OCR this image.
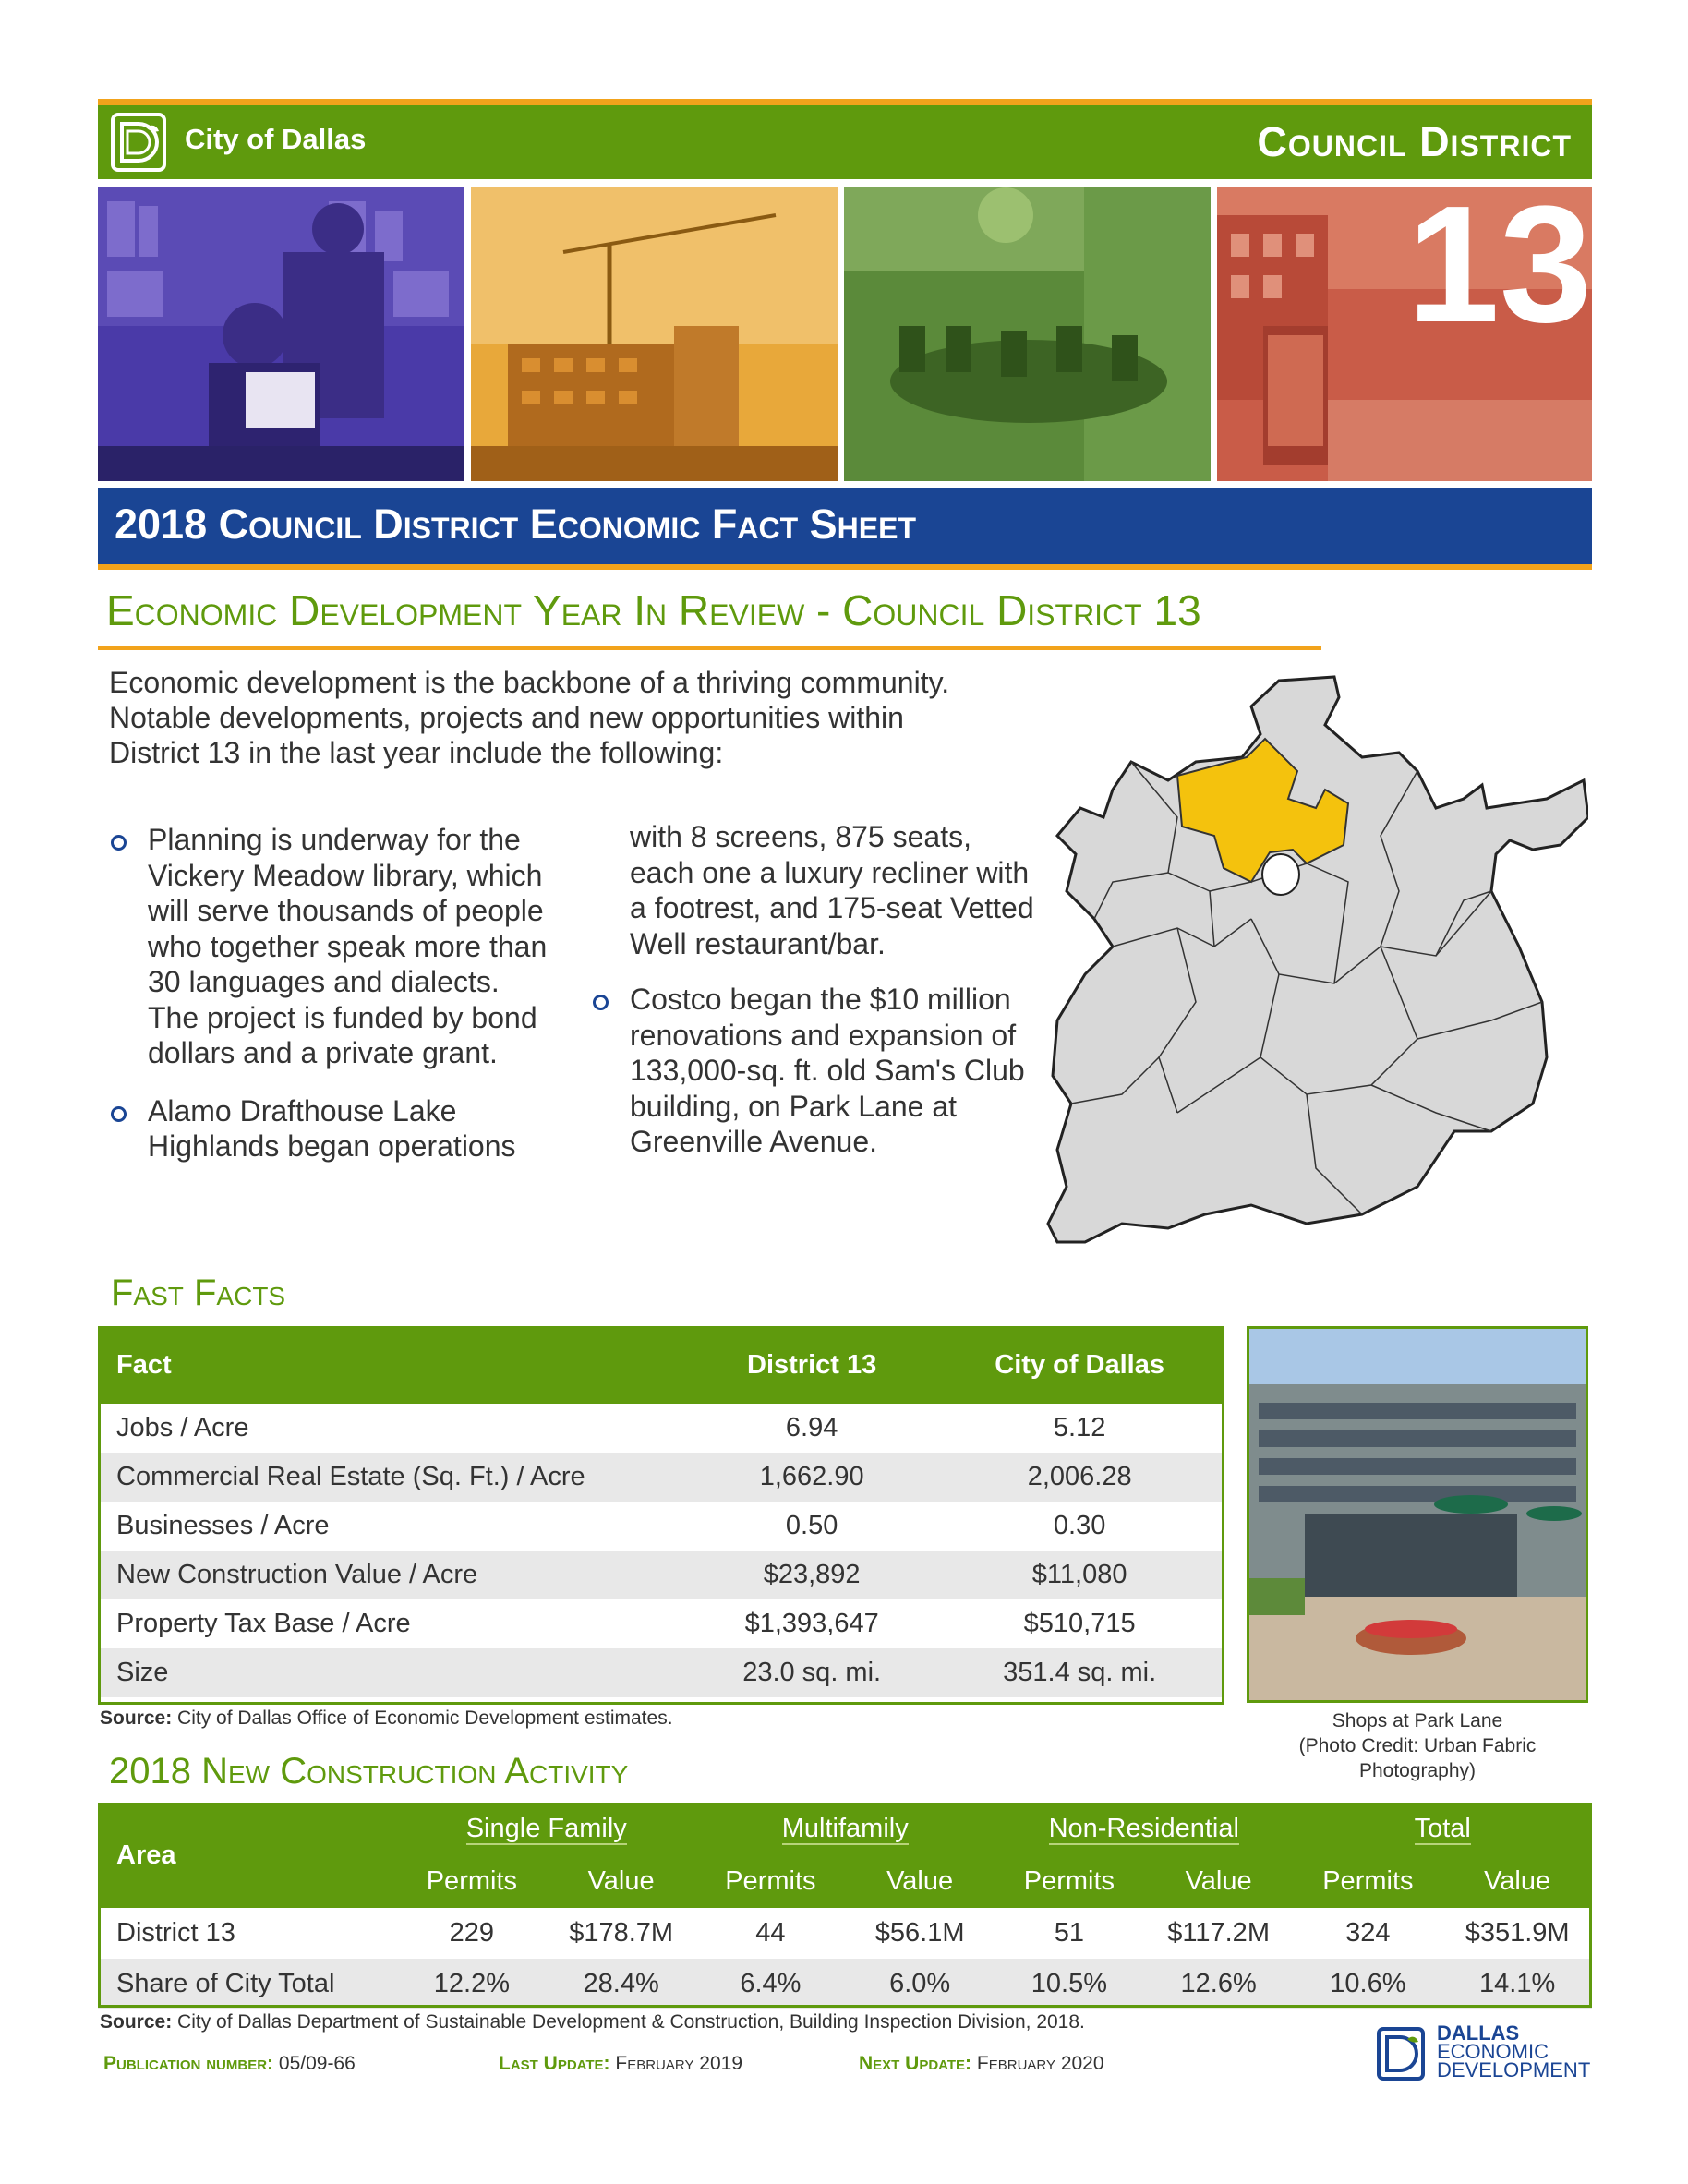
City of Dallas	Council District
13
2018 Council District Economic Fact Sheet
Economic Development Year In Review - Council District 13
Economic development is the backbone of a thriving community. Notable developments, projects and new opportunities within District 13 in the last year include the following:
Planning is underway for the Vickery Meadow library, which will serve thousands of people who together speak more than 30 languages and dialects. The project is funded by bond dollars and a private grant.
Alamo Drafthouse Lake Highlands began operations
with 8 screens, 875 seats, each one a luxury recliner with a footrest, and 175-seat Vetted Well restaurant/bar.
Costco began the $10 million renovations and expansion of 133,000-sq. ft. old Sam's Club building, on Park Lane at Greenville Avenue.
Fast Facts
Fact	District 13	City of Dallas
Jobs / Acre	6.94	5.12
Commercial Real Estate (Sq. Ft.) / Acre	1,662.90	2,006.28
Businesses / Acre	0.50	0.30
New Construction Value / Acre	$23,892	$11,080
Property Tax Base / Acre	$1,393,647	$510,715
Size	23.0 sq. mi.	351.4 sq. mi.
Source: City of Dallas Office of Economic Development estimates.	Shops at Park Lane
(Photo Credit: Urban Fabric
Photography)
2018 New Construction Activity
Area	Single Family		Multifamily		Non-Residential		Total	
	Permits	Value	Permits	Value	Permits	Value	Permits	Value
District 13	229	$178.7M	44	$56.1M	51	$117.2M	324	$351.9M
Share of City Total	12.2%	28.4%	6.4%	6.0%	10.5%	12.6%	10.6%	14.1%
Source: City of Dallas Department of Sustainable Development & Construction, Building Inspection Division, 2018.
Publication number: 05/09-66	Last Update: February 2019	Next Update: February 2020
DALLAS
ECONOMIC
DEVELOPMENT
